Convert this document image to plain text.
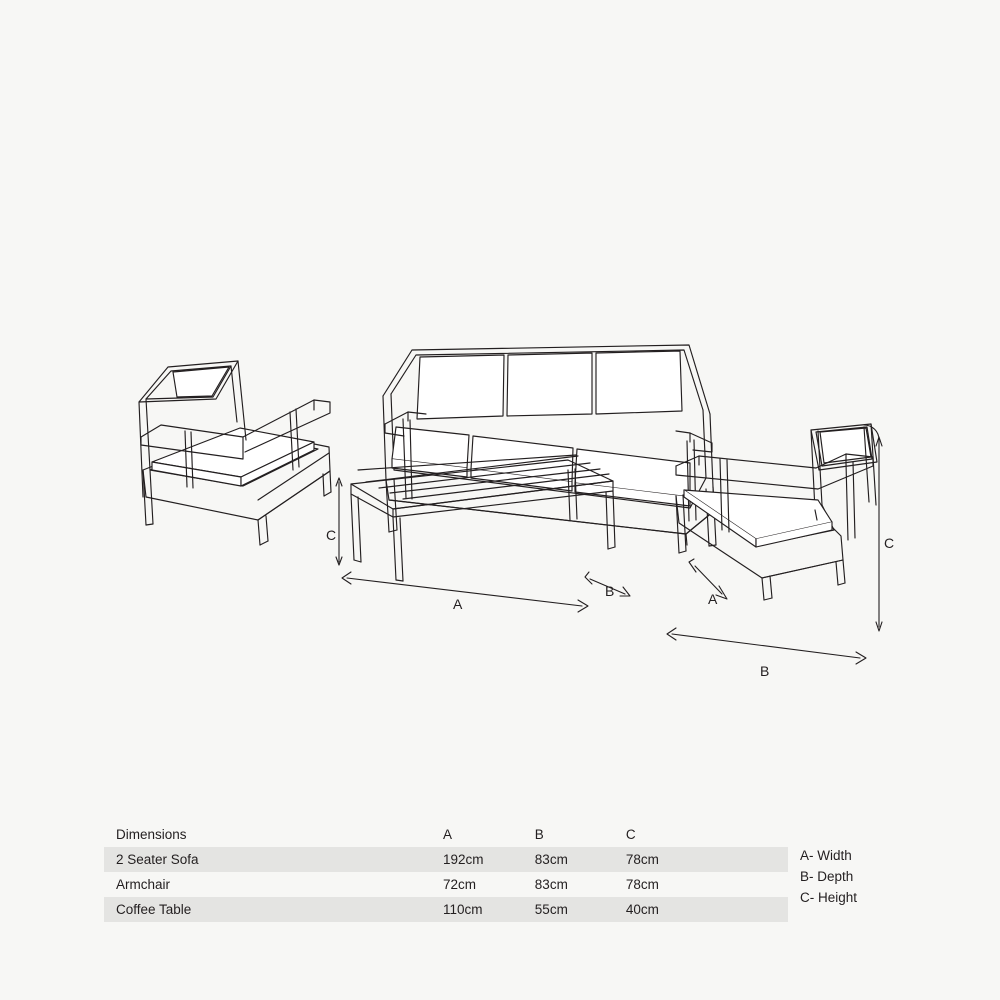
C
A
B	A
B
C
Dimensions	A	B	C
2 Seater Sofa	192cm	83cm	78cm
Armchair	72cm	83cm	78cm
Coffee Table	110cm	55cm	40cm
A- Width
B- Depth
C- Height
